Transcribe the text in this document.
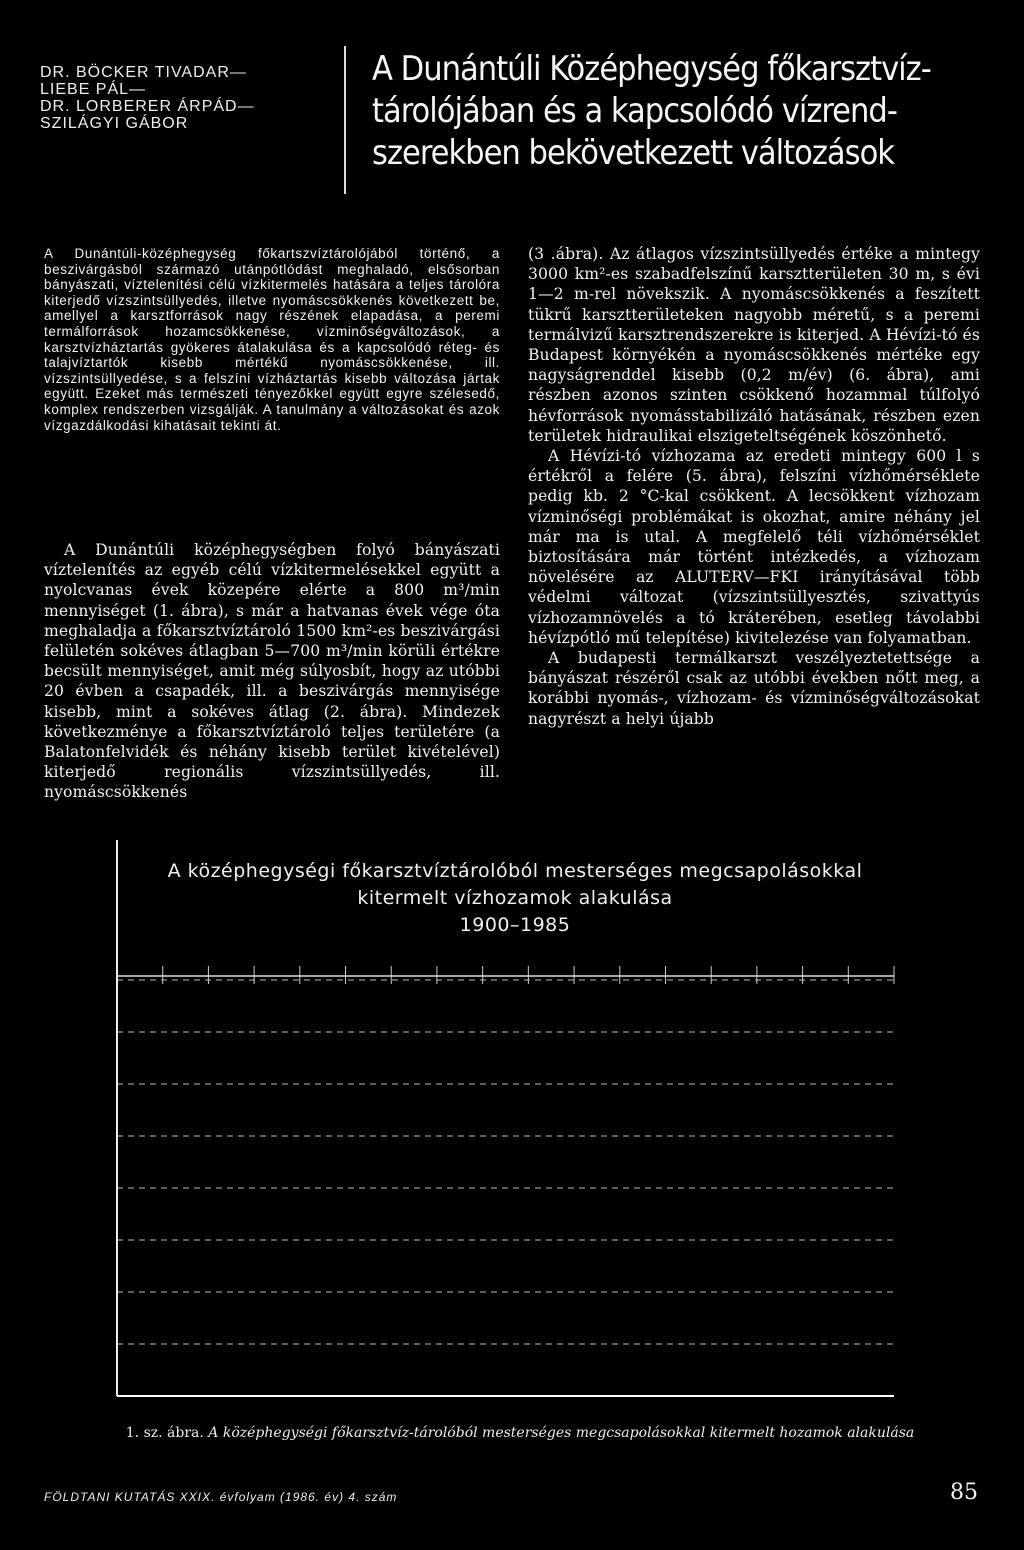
DR. BÖCKER TIVADAR—
LIEBE PÁL—
DR. LORBERER ÁRPÁD—
SZILÁGYI GÁBOR
A Dunántúli Középhegység főkarsztvíz-
tárolójában és a kapcsolódó vízrend-
szerekben bekövetkezett változások
A Dunántúli-középhegység főkartszvíztárolójából történő, a beszivárgásból származó utánpótlódást meghaladó, elsősorban bányászati, víztelenítési célú vízkitermelés hatására a teljes tárolóra kiterjedő vízszintsüllyedés, illetve nyomáscsökkenés következett be, amellyel a karsztforrások nagy részének elapadása, a peremi termálforrások hozamcsökkenése, vízminőségváltozások, a karsztvízháztartás gyökeres átalakulása és a kapcsolódó réteg- és talajvíztartók kisebb mértékű nyomáscsökkenése, ill. vízszintsüllyedése, s a felszíni vízháztartás kisebb változása jártak együtt. Ezeket más természeti tényezőkkel együtt egyre szélesedő, komplex rendszerben vizsgálják. A tanulmány a változásokat és azok vízgazdálkodási kihatásait tekinti át.

A Dunántúli középhegységben folyó bányászati víztelenítés az egyéb célú vízkitermelésekkel együtt a nyolcvanas évek közepére elérte a 800 m³/min mennyiséget (1. ábra), s már a hatvanas évek vége óta meghaladja a főkarsztvíztároló 1500 km²-es beszivárgási felületén sokéves átlagban 5—700 m³/min körüli értékre becsült mennyiséget, amit még súlyosbít, hogy az utóbbi 20 évben a csapadék, ill. a beszivárgás mennyisége kisebb, mint a sokéves átlag (2. ábra). Mindezek következménye a főkarsztvíztároló teljes területére (a Balatonfelvidék és néhány kisebb terület kivételével) kiterjedő regionális vízszintsüllyedés, ill. nyomáscsökkenés

(3 .ábra). Az átlagos vízszintsüllyedés értéke a mintegy 3000 km²-es szabadfelszínű karsztterületen 30 m, s évi 1—2 m-rel növekszik. A nyomáscsökkenés a feszített tükrű karsztterületeken nagyobb méretű, s a peremi termálvizű karsztrendszerekre is kiterjed. A Hévízi-tó és Budapest környékén a nyomáscsökkenés mértéke egy nagyságrenddel kisebb (0,2 m/év) (6. ábra), ami részben azonos szinten csökkenő hozammal túlfolyó hévforrások nyomásstabilizáló hatásának, részben ezen területek hidraulikai elszigeteltségének köszönhető.

A Hévízi-tó vízhozama az eredeti mintegy 600 l s értékről a felére (5. ábra), felszíni vízhőmérséklete pedig kb. 2 °C-kal csökkent. A lecsökkent vízhozam vízminőségi problémákat is okozhat, amire néhány jel már ma is utal. A megfelelő téli vízhőmérséklet biztosítására már történt intézkedés, a vízhozam növelésére az ALUTERV—FKI irányításával több védelmi változat (vízszintsüllyesztés, szivattyús vízhozamnövelés a tó kráterében, esetleg távolabbi hévízpótló mű telepítése) kivitelezése van folyamatban.

A budapesti termálkarszt veszélyeztetettsége a bányászat részéről csak az utóbbi években nőtt meg, a korábbi nyomás-, vízhozam- és vízminőségváltozásokat nagyrészt a helyi újabb

A középhegységi főkarsztvíztárolóból mesterséges megcsapolásokkal
kitermelt vízhozamok alakulása
1900–1985
1. sz. ábra. A középhegységi főkarsztvíz-tárolóból mesterséges megcsapolásokkal kitermelt hozamok alakulása
FÖLDTANI KUTATÁS XXIX. évfolyam (1986. év) 4. szám	85
